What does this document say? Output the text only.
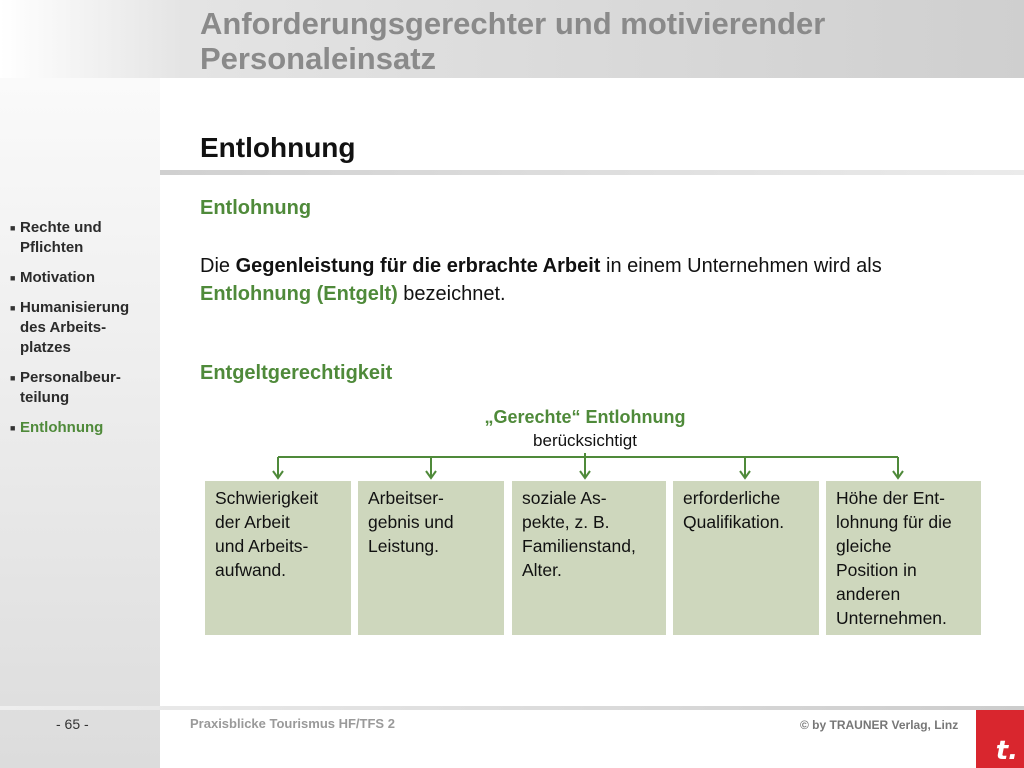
Anforderungsgerechter und motivierender
Personaleinsatz
Entlohnung
■ Rechte und
Pflichten
■ Motivation
■ Humanisierung
des Arbeits-
platzes
■ Personalbeur-
teilung
■ Entlohnung
Entlohnung

Die Gegenleistung für die erbrachte Arbeit in einem Unternehmen wird als
Entlohnung (Entgelt) bezeichnet.

Entgeltgerechtigkeit
„Gerechte“ Entlohnung
berücksichtigt
Schwierigkeit
der Arbeit
und Arbeits-
aufwand.
Arbeitser-
gebnis und
Leistung.
soziale As-
pekte, z. B.
Familienstand,
Alter.
erforderliche
Qualifikation.
Höhe der Ent-
lohnung für die
gleiche
Position in
anderen
Unternehmen.
- 65 -	Praxisblicke Tourismus HF/TFS 2	© by TRAUNER Verlag, Linz
t.
